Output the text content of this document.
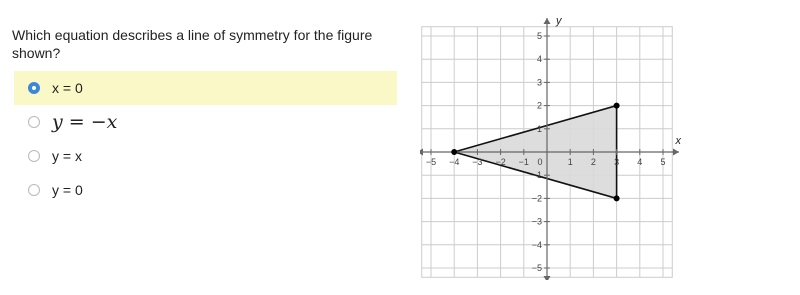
Which equation describes a line of symmetry for the figure shown?
x = 0
y = −x
y = x
y = 0
−5 −4 −3 −2 −1 0	1 2 3 4 5
−5
−4
−3
−2
−1
1
2
3
4
5
x
y
